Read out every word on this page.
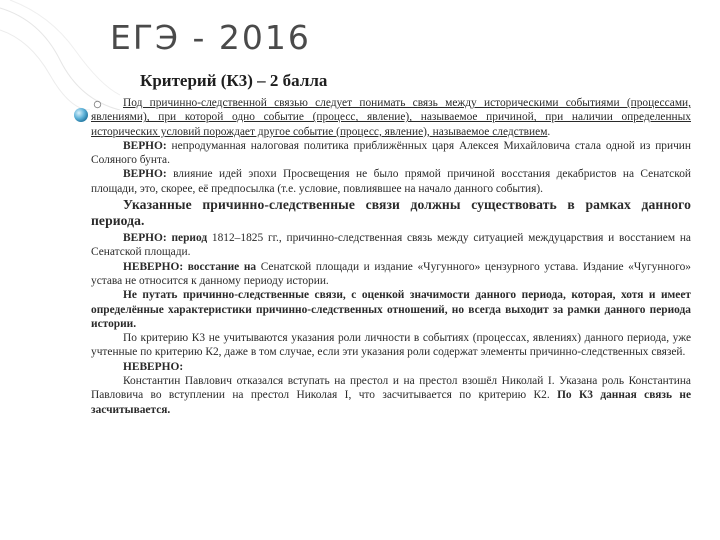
ЕГЭ - 2016
Критерий (К3) – 2 балла

Под причинно-следственной связью следует понимать связь между историческими событиями (процессами, явлениями), при которой одно событие (процесс, явление), называемое причиной, при наличии определенных исторических условий порождает другое событие (процесс, явление), называемое следствием.

ВЕРНО: непродуманная налоговая политика приближённых царя Алексея Михайловича стала одной из причин Соляного бунта.

ВЕРНО: влияние идей эпохи Просвещения не было прямой причиной восстания декабристов на Сенатской площади, это, скорее, её предпосылка (т.е. условие, повлиявшее на начало данного события).

Указанные причинно-следственные связи должны существовать в рамках данного периода.

ВЕРНО: период 1812–1825 гг., причинно-следственная связь между ситуацией междуцарствия и восстанием на Сенатской площади.

НЕВЕРНО: восстание на Сенатской площади и издание «Чугунного» цензурного устава. Издание «Чугунного» устава не относится к данному периоду истории.

Не путать причинно-следственные связи, с оценкой значимости данного периода, которая, хотя и имеет определённые характеристики причинно-следственных отношений, но всегда выходит за рамки данного периода истории.

По критерию К3 не учитываются указания роли личности в событиях (процессах, явлениях) данного периода, уже учтенные по критерию К2, даже в том случае, если эти указания роли содержат элементы причинно-следственных связей.

НЕВЕРНО:

Константин Павлович отказался вступать на престол и на престол взошёл Николай I. Указана роль Константина Павловича во вступлении на престол Николая I, что засчитывается по критерию К2. По К3 данная связь не засчитывается.
